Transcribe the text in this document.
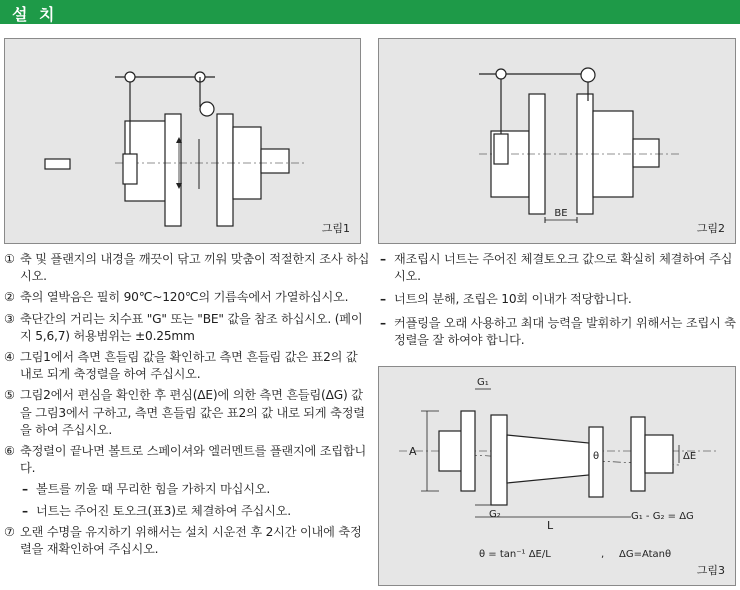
설 치
그림1
BE
그림2
① 축 및 플랜지의 내경을 깨끗이 닦고 끼워 맞춤이 적절한지 조사 하십시오.
② 축의 열박음은 필히 90℃~120℃의 기름속에서 가열하십시오.
③ 축단간의 거리는 치수표 "G" 또는 "BE" 값을 참조 하십시오. (페이지 5,6,7) 허용범위는 ±0.25mm
④ 그림1에서 측면 흔들림 값을 확인하고 측면 흔들림 값은 표2의 값 내로 되게 축정렬을 하여 주십시오.
⑤ 그림2에서 편심을 확인한 후 편심(ΔE)에 의한 측면 흔들림(ΔG) 값을 그림3에서 구하고, 측면 흔들림 값은 표2의 값 내로 되게 축정렬을 하여 주십시오.
⑥ 축정렬이 끝나면 볼트로 스페이셔와 엘러멘트를 플랜지에 조립합니다.
– 볼트를 끼울 때 무리한 힘을 가하지 마십시오.
– 너트는 주어진 토오크(표3)로 체결하여 주십시오.
⑦ 오랜 수명을 유지하기 위해서는 설치 시운전 후 2시간 이내에 축정렬을 재확인하여 주십시오.
– 재조립시 너트는 주어진 체결토오크 값으로 확실히 체결하여 주십시오.
– 너트의 분해, 조립은 10회 이내가 적당합니다.
– 커플링을 오래 사용하고 최대 능력을 발휘하기 위해서는 조립시 축정렬을 잘 하여야 합니다.
A
G₁
G₂
L
θ	ΔE
G₁ - G₂ = ΔG
θ = tan⁻¹ ΔE/L	, ΔG=Atanθ
그림3
